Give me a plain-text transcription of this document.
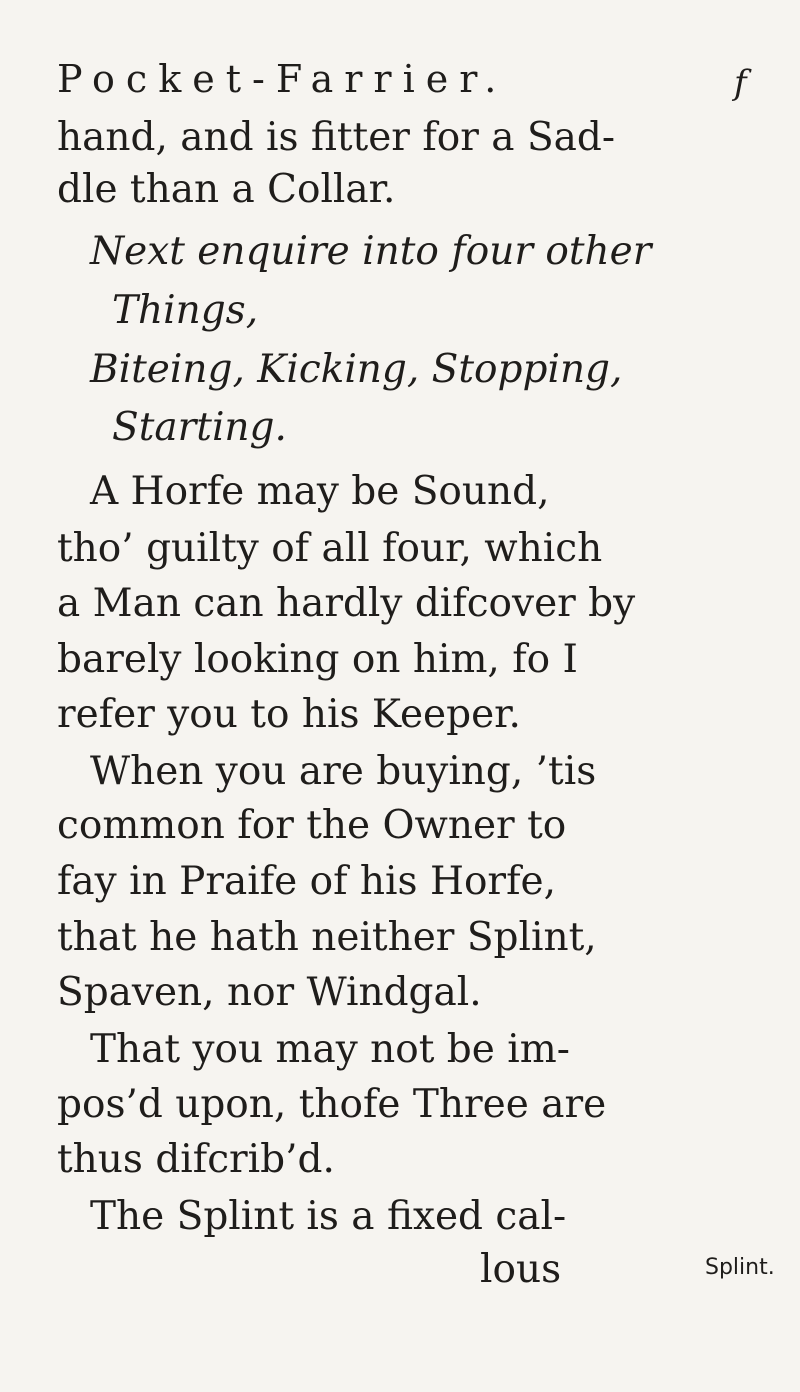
Pocket-Farrier.	f
hand, and is fitter for a Sad-
dle than a Collar.
Next enquire into four other
Things,
Biteing, Kicking, Stopping,
Starting.
A Horfe may be Sound,
tho’ guilty of all four, which
a Man can hardly difcover by
barely looking on him, fo I
refer you to his Keeper.
When you are buying, ’tis
common for the Owner to
fay in Praife of his Horfe,
that he hath neither Splint,
Spaven, nor Windgal.
That you may not be im-
pos’d upon, thofe Three are
thus difcrib’d.
The Splint is a fixed cal-
lous	Splint.
